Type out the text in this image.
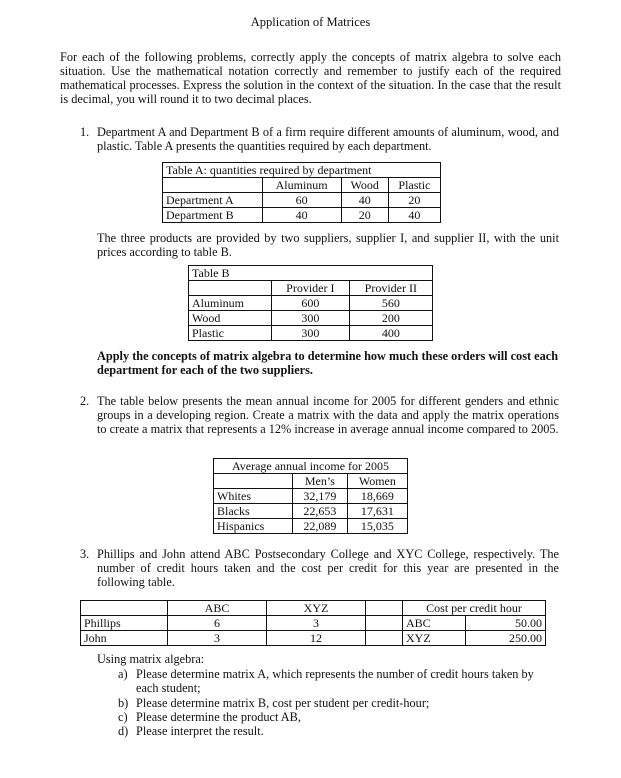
Application of Matrices
For each of the following problems, correctly apply the concepts of matrix algebra to solve each situation. Use the mathematical notation correctly and remember to justify each of the required mathematical processes. Express the solution in the context of the situation. In the case that the result is decimal, you will round it to two decimal places.
1. Department A and Department B of a firm require different amounts of aluminum, wood, and plastic. Table A presents the quantities required by each department.
Table A: quantities required by department			
	Aluminum	Wood	Plastic
Department A	60	40	20
Department B	40	20	40
The three products are provided by two suppliers, supplier I, and supplier II, with the unit prices according to table B.
Table B		
	Provider I	Provider II
Aluminum	600	560
Wood	300	200
Plastic	300	400
Apply the concepts of matrix algebra to determine how much these orders will cost each department for each of the two suppliers.
2. The table below presents the mean annual income for 2005 for different genders and ethnic groups in a developing region. Create a matrix with the data and apply the matrix operations to create a matrix that represents a 12% increase in average annual income compared to 2005.
Average annual income for 2005		
	Men’s	Women
Whites	32,179	18,669
Blacks	22,653	17,631
Hispanics	22,089	15,035
3. Phillips and John attend ABC Postsecondary College and XYC College, respectively. The number of credit hours taken and the cost per credit for this year are presented in the following table.
	ABC	XYZ		Cost per credit hour	
Phillips	6	3		ABC	50.00
John	3	12		XYZ	250.00
Using matrix algebra:
a) Please determine matrix A, which represents the number of credit hours taken by each student;
b) Please determine matrix B, cost per student per credit-hour;
c) Please determine the product AB,
d) Please interpret the result.
